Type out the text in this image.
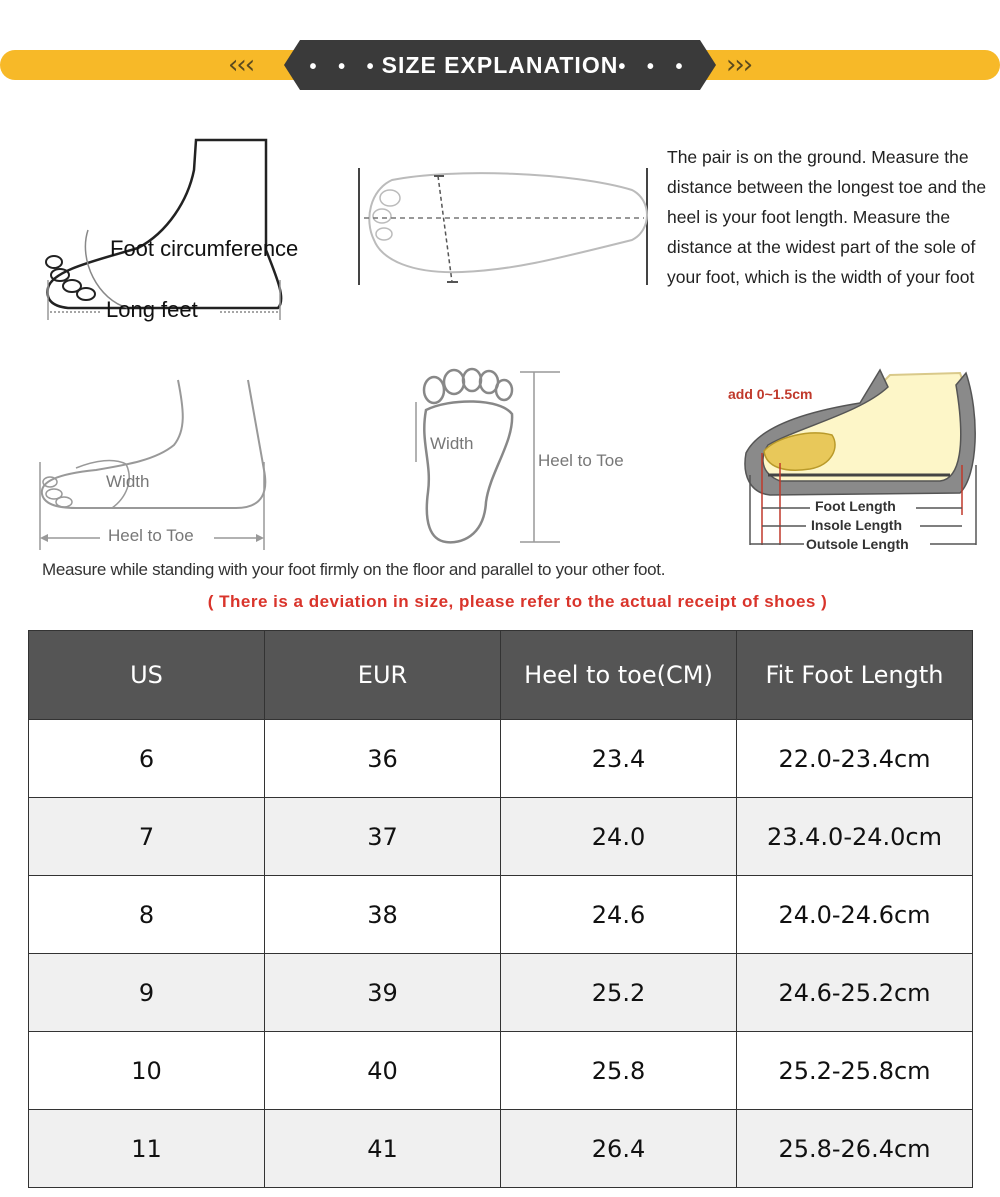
‹‹‹	›››
• • •SIZE EXPLANATION• • •
Foot circumference
Long feet
The pair is on the ground. Measure the distance between the longest toe and the heel is your foot length. Measure the distance at the widest part of the sole of your foot, which is the width of your foot
Width
Heel to Toe
Width
Heel to Toe
add 0~1.5cm
Foot Length
Insole Length
Outsole Length
Measure while standing with your foot firmly on the floor and parallel to your other foot.
( There is a deviation in size, please refer to the actual receipt of shoes )
US	EUR	Heel to toe(CM)	Fit Foot Length
6	36	23.4	22.0-23.4cm
7	37	24.0	23.4.0-24.0cm
8	38	24.6	24.0-24.6cm
9	39	25.2	24.6-25.2cm
10	40	25.8	25.2-25.8cm
11	41	26.4	25.8-26.4cm
